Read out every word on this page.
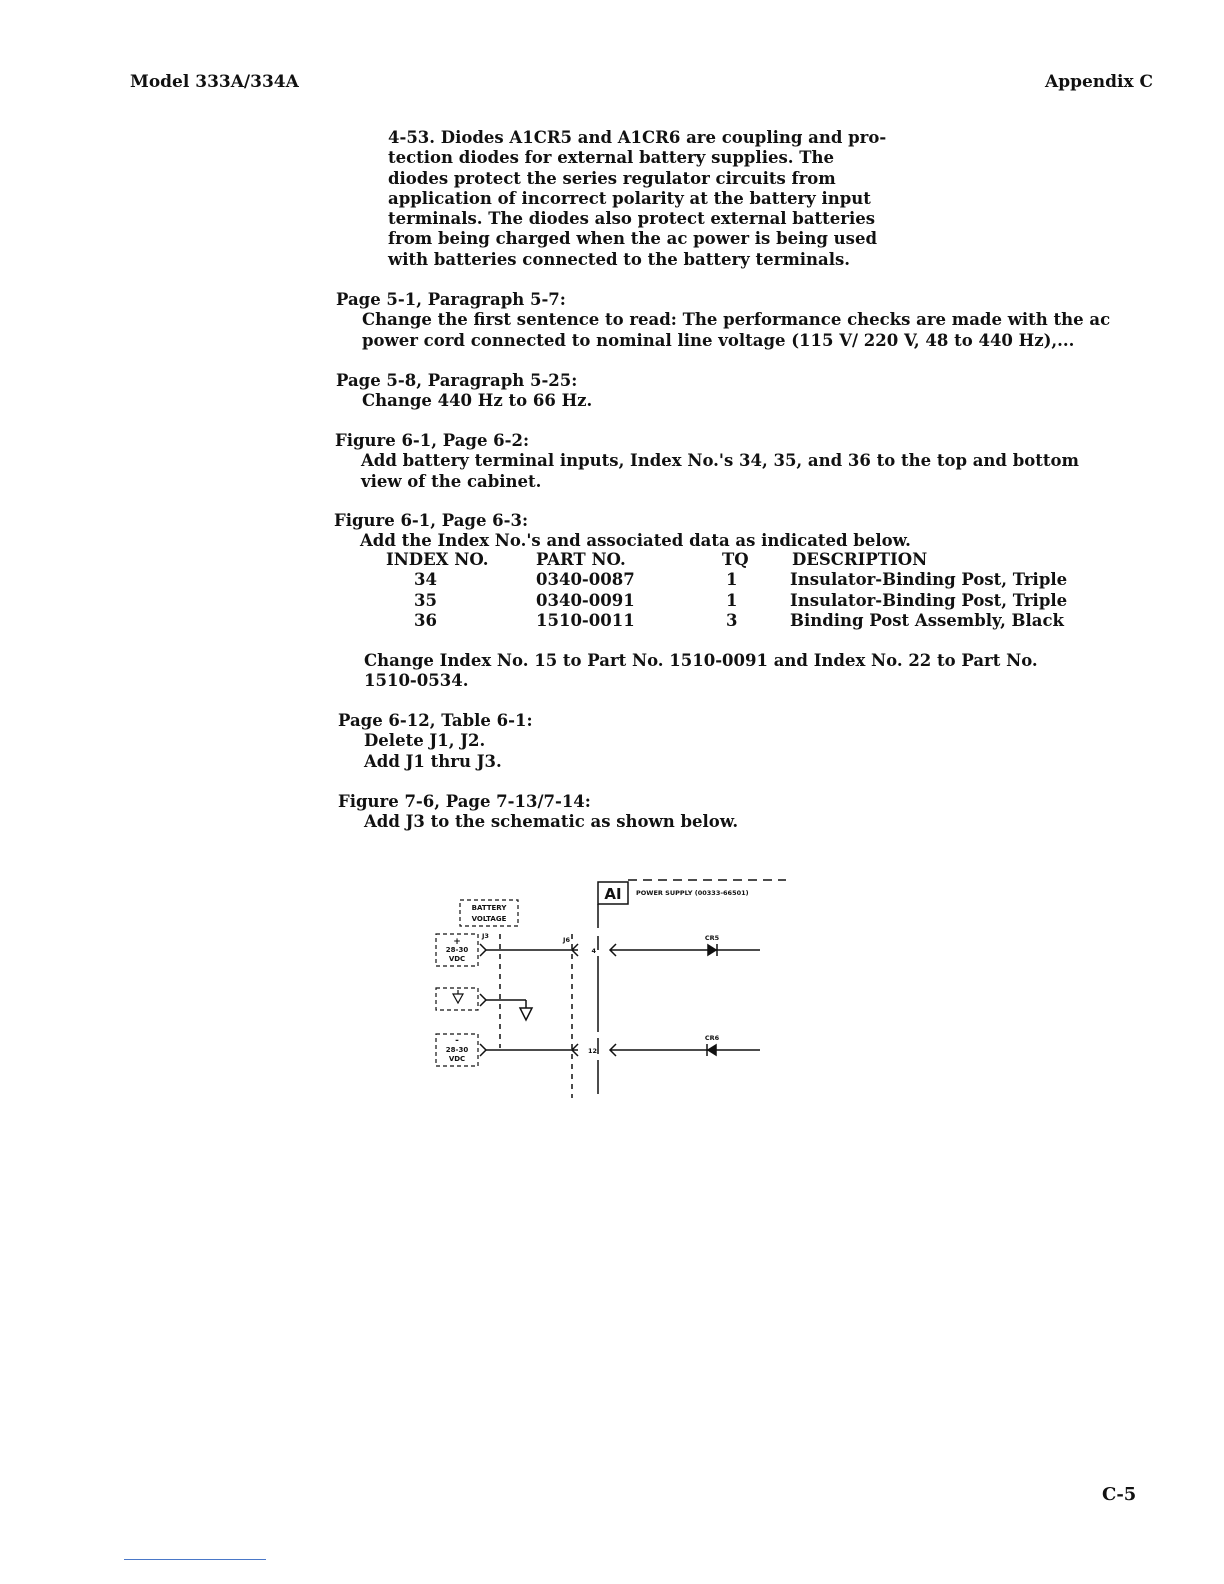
Model 333A/334A	Appendix C
4-53. Diodes A1CR5 and A1CR6 are coupling and pro-
tection diodes for external battery supplies. The
diodes protect the series regulator circuits from
application of incorrect polarity at the battery input
terminals. The diodes also protect external batteries
from being charged when the ac power is being used
with batteries connected to the battery terminals.
Page 5-1, Paragraph 5-7:
Change the first sentence to read: The performance checks are made with the ac
power cord connected to nominal line voltage (115 V/ 220 V, 48 to 440 Hz),...
Page 5-8, Paragraph 5-25:
Change 440 Hz to 66 Hz.
Figure 6-1, Page 6-2:
Add battery terminal inputs, Index No.'s 34, 35, and 36 to the top and bottom
view of the cabinet.
Figure 6-1, Page 6-3:
Add the Index No.'s and associated data as indicated below.
INDEX NO.	PART NO.	TQ	DESCRIPTION
34	0340-0087	1	Insulator-Binding Post, Triple
35	0340-0091	1	Insulator-Binding Post, Triple
36	1510-0011	3	Binding Post Assembly, Black
Change Index No. 15 to Part No. 1510-0091 and Index No. 22 to Part No.
1510-0534.
Page 6-12, Table 6-1:
Delete J1, J2.
Add J1 thru J3.
Figure 7-6, Page 7-13/7-14:
Add J3 to the schematic as shown below.
AI POWER SUPPLY (00333-66501)
BATTERY
VOLTAGE
J3	J6
4
12
+
28-30
VDC
-
28-30
VDC
CR5
CR6
C-5
